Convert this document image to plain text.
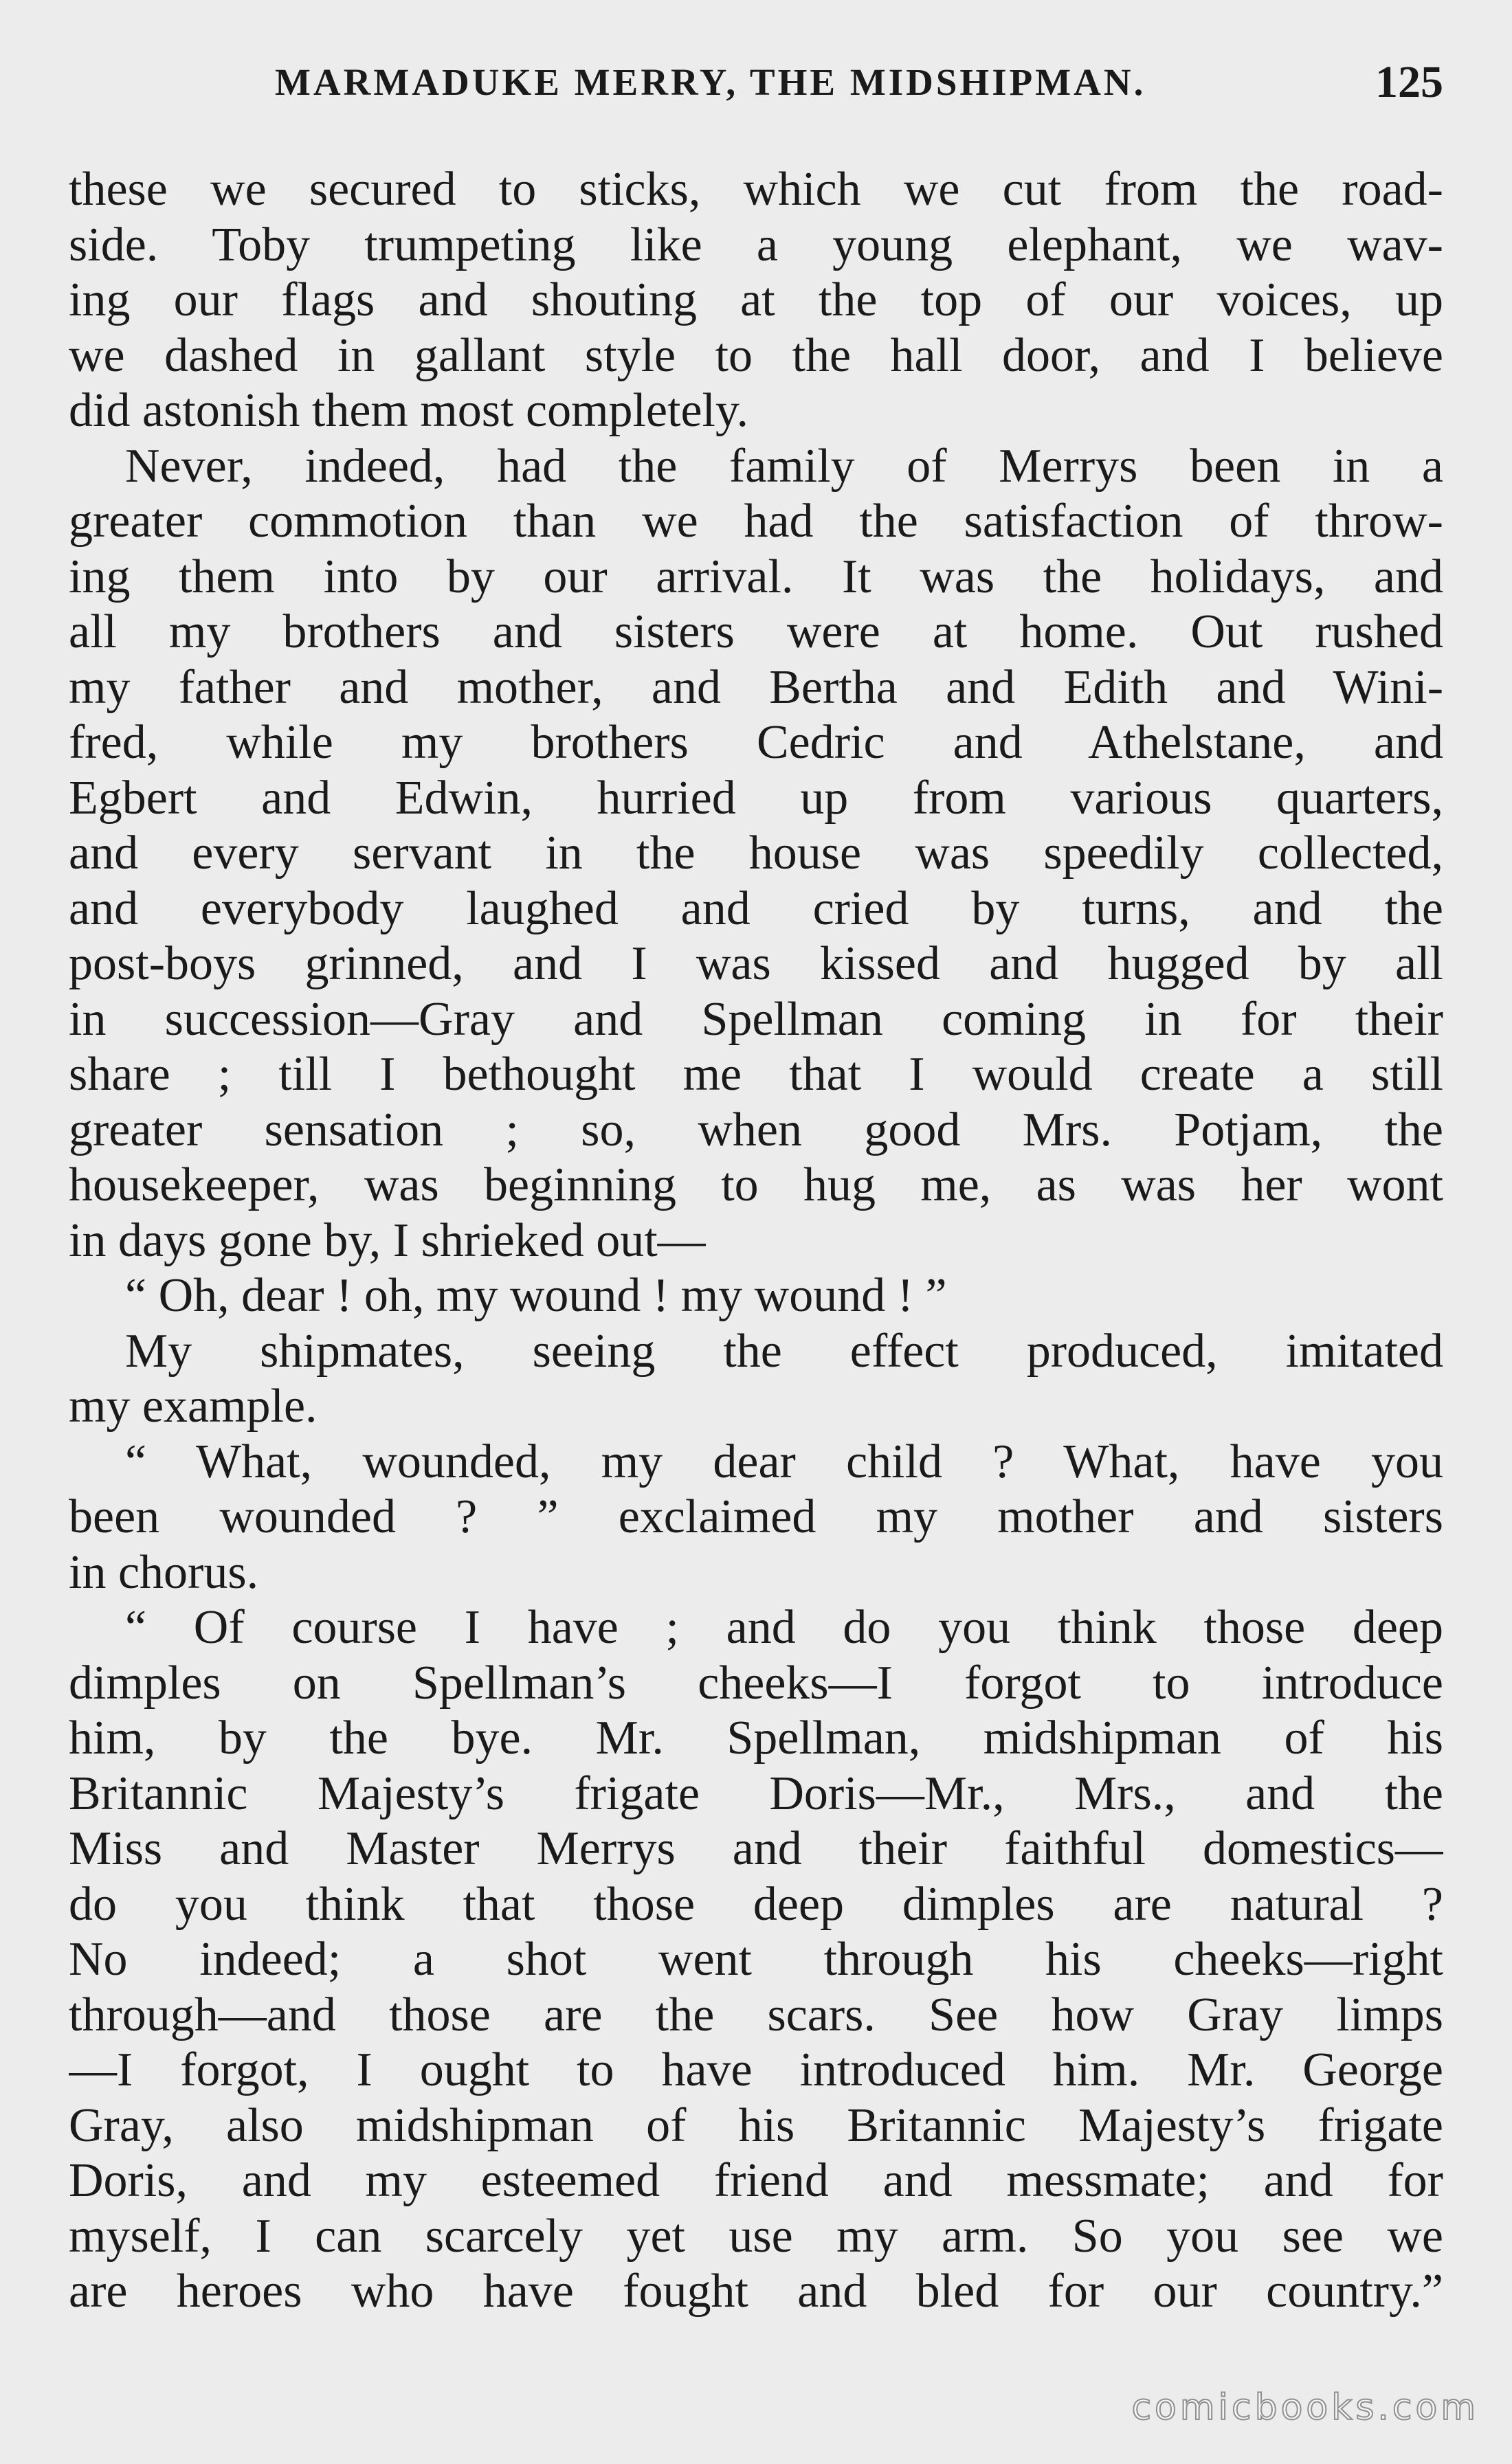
MARMADUKE MERRY, THE MIDSHIPMAN.	125
these we secured to sticks, which we cut from the road-
side. Toby trumpeting like a young elephant, we wav-
ing our flags and shouting at the top of our voices, up
we dashed in gallant style to the hall door, and I believe
did astonish them most completely.
Never, indeed, had the family of Merrys been in a
greater commotion than we had the satisfaction of throw-
ing them into by our arrival. It was the holidays, and
all my brothers and sisters were at home. Out rushed
my father and mother, and Bertha and Edith and Wini-
fred, while my brothers Cedric and Athelstane, and
Egbert and Edwin, hurried up from various quarters,
and every servant in the house was speedily collected,
and everybody laughed and cried by turns, and the
post-boys grinned, and I was kissed and hugged by all
in succession—Gray and Spellman coming in for their
share ; till I bethought me that I would create a still
greater sensation ; so, when good Mrs. Potjam, the
housekeeper, was beginning to hug me, as was her wont
in days gone by, I shrieked out—
“ Oh, dear ! oh, my wound ! my wound ! ”
My shipmates, seeing the effect produced, imitated
my example.
“ What, wounded, my dear child ? What, have you
been wounded ? ” exclaimed my mother and sisters
in chorus.
“ Of course I have ; and do you think those deep
dimples on Spellman’s cheeks—I forgot to introduce
him, by the bye. Mr. Spellman, midshipman of his
Britannic Majesty’s frigate Doris—Mr., Mrs., and the
Miss and Master Merrys and their faithful domestics—
do you think that those deep dimples are natural ?
No indeed; a shot went through his cheeks—right
through—and those are the scars. See how Gray limps
—I forgot, I ought to have introduced him. Mr. George
Gray, also midshipman of his Britannic Majesty’s frigate
Doris, and my esteemed friend and messmate; and for
myself, I can scarcely yet use my arm. So you see we
are heroes who have fought and bled for our country.”
comicbooks.com
